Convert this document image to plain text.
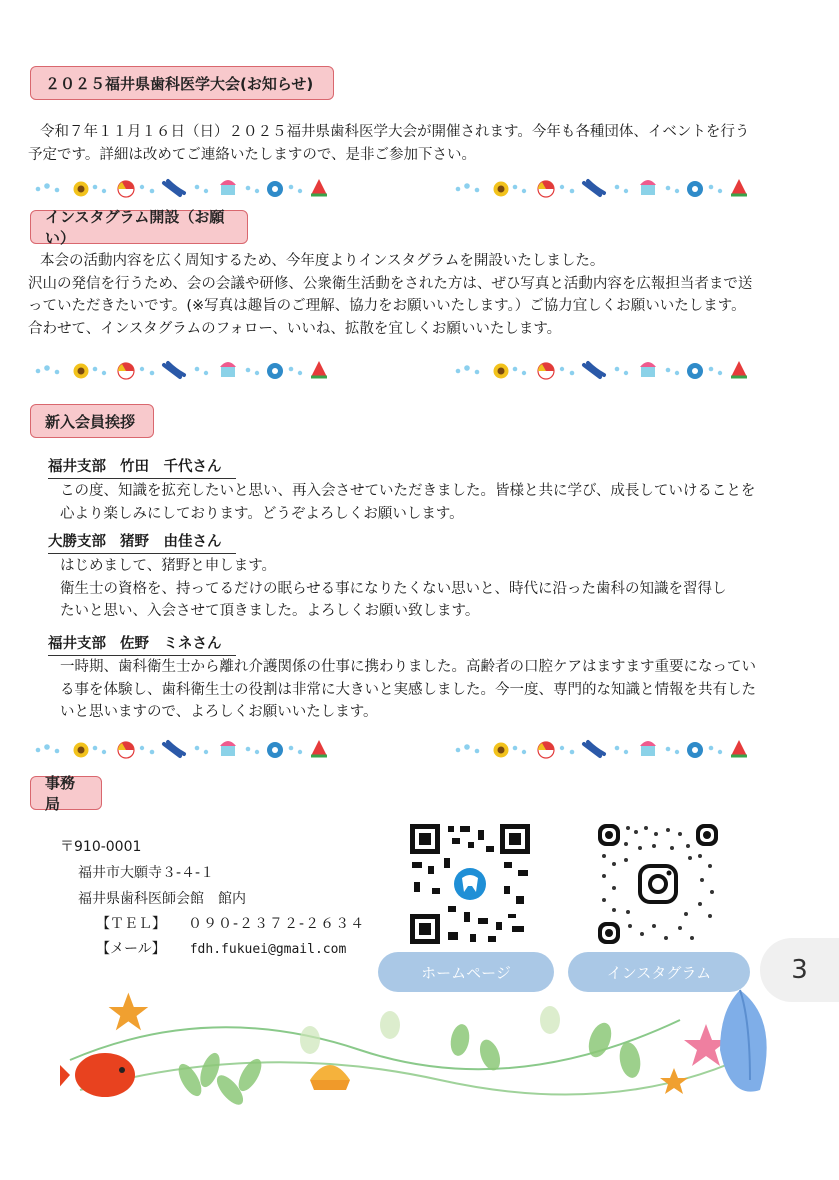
２０２５福井県歯科医学大会(お知らせ)

令和７年１１月１６日（日）２０２５福井県歯科医学大会が開催されます。今年も各種団体、イベントを行う
予定です。詳細は改めてご連絡いたしますので、是非ご参加下さい。

インスタグラム開設（お願い）

本会の活動内容を広く周知するため、今年度よりインスタグラムを開設いたしました。
沢山の発信を行うため、会の会議や研修、公衆衛生活動をされた方は、ぜひ写真と活動内容を広報担当者まで送
っていただきたいです。(※写真は趣旨のご理解、協力をお願いいたします。）ご協力宜しくお願いいたします。
合わせて、インスタグラムのフォロー、いいね、拡散を宜しくお願いいたします。

新入会員挨拶
福井支部 竹田　千代さん

この度、知識を拡充したいと思い、再入会させていただきました。皆様と共に学び、成長していけることを
心より楽しみにしております。どうぞよろしくお願いします。

大勝支部 猪野　由佳さん

はじめまして、猪野と申します。
衛生士の資格を、持ってるだけの眠らせる事になりたくない思いと、時代に沿った歯科の知識を習得し
たいと思い、入会させて頂きました。よろしくお願い致します。

福井支部 佐野　ミネさん

一時期、歯科衛生士から離れ介護関係の仕事に携わりました。高齢者の口腔ケアはますます重要になってい
る事を体験し、歯科衛生士の役割は非常に大きいと実感しました。今一度、専門的な知識と情報を共有した
いと思いますので、よろしくお願いいたします。

事務局
〒910-0001
福井市大願寺３-４-１
福井県歯科医師会館　館内
【ＴＥＬ】 ０９０-２３７２-２６３４
【メール】 fdh.fukuei@gmail.com
ホームページ	インスタグラム	3
